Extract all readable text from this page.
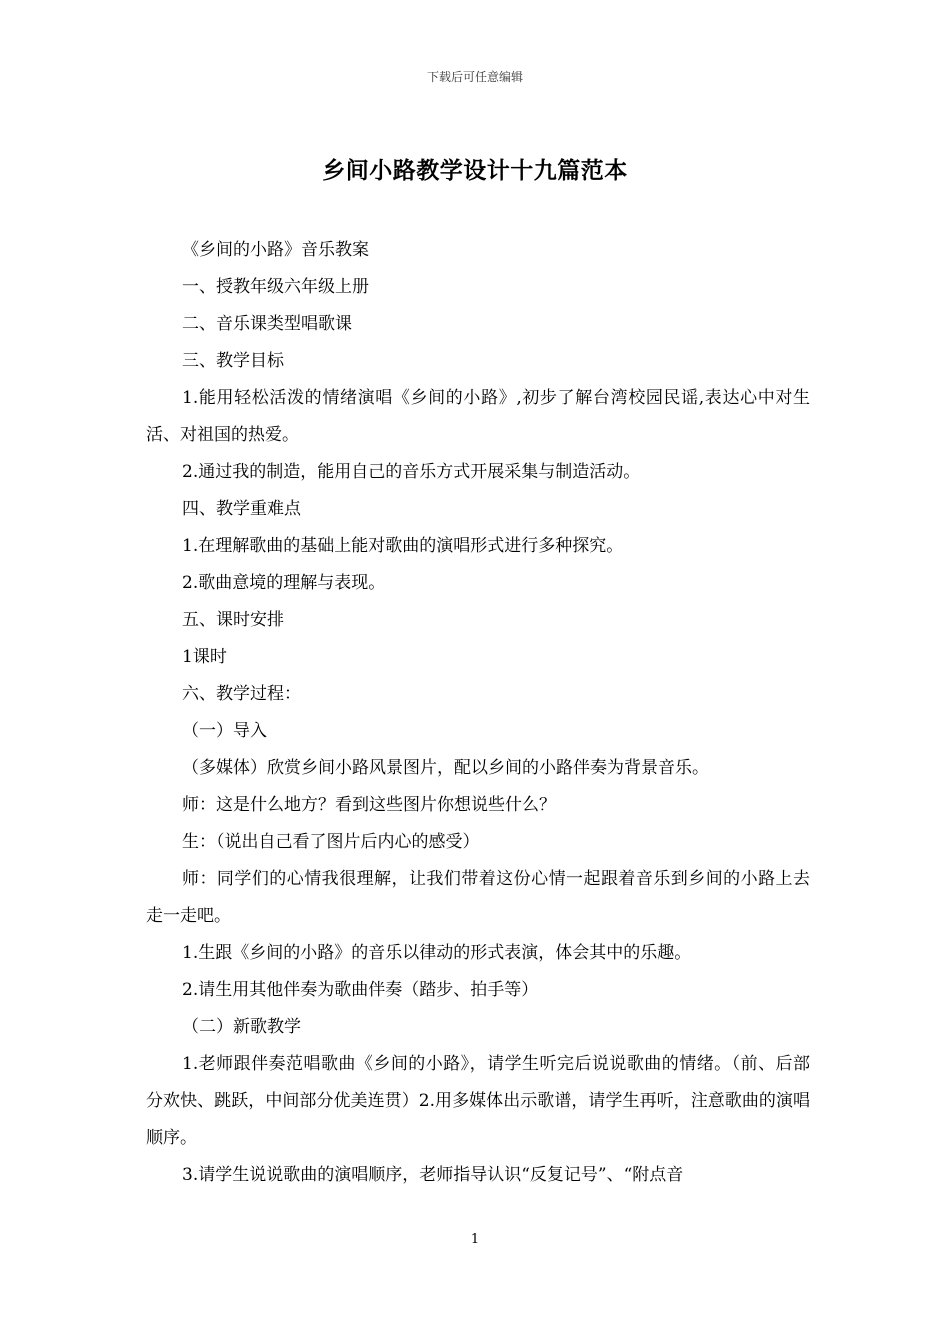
下载后可任意编辑
乡间小路教学设计十九篇范本

《乡间的小路》音乐教案

一、授教年级六年级上册

二、音乐课类型唱歌课

三、教学目标

1.能用轻松活泼的情绪演唱《乡间的小路》,初步了解台湾校园民谣,表达心中对生活、对祖国的热爱。

2.通过我的制造，能用自己的音乐方式开展采集与制造活动。

四、教学重难点

1.在理解歌曲的基础上能对歌曲的演唱形式进行多种探究。

2.歌曲意境的理解与表现。

五、课时安排

1课时

六、教学过程：

（一）导入

（多媒体）欣赏乡间小路风景图片，配以乡间的小路伴奏为背景音乐。

师：这是什么地方？看到这些图片你想说些什么？

生：（说出自己看了图片后内心的感受）

师：同学们的心情我很理解，让我们带着这份心情一起跟着音乐到乡间的小路上去走一走吧。

1.生跟《乡间的小路》的音乐以律动的形式表演，体会其中的乐趣。

2.请生用其他伴奏为歌曲伴奏（踏步、拍手等）

（二）新歌教学

1.老师跟伴奏范唱歌曲《乡间的小路》，请学生听完后说说歌曲的情绪。（前、后部分欢快、跳跃，中间部分优美连贯）2.用多媒体出示歌谱，请学生再听，注意歌曲的演唱顺序。

3.请学生说说歌曲的演唱顺序，老师指导认识“反复记号”、“附点音

1
